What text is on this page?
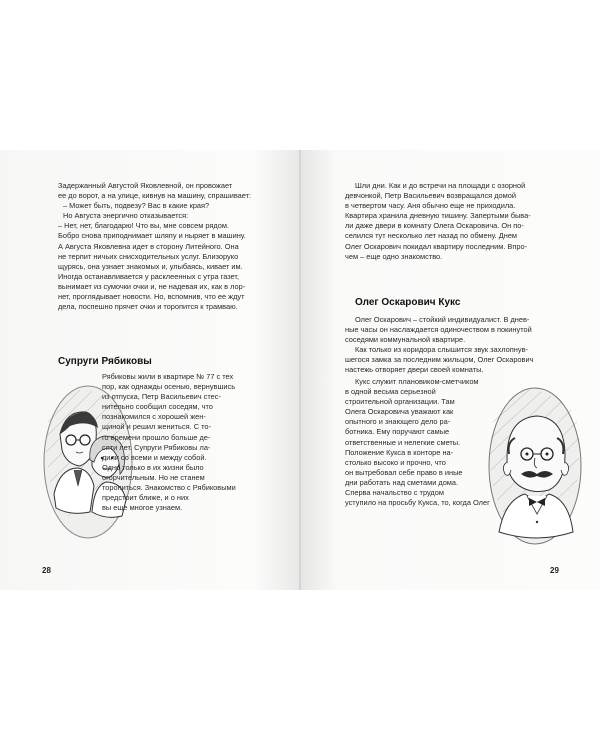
Задержанный Августой Яковлевной, он провожает
ее до ворот, а на улице, кивнув на машину, спрашивает:

– Может быть, подвезу? Вас в какие края?

Но Августа энергично отказывается:

– Нет, нет, благодарю! Что вы, мне совсем рядом.
Бобро снова приподнимает шляпу и ныряет в машину.
А Августа Яковлевна идет в сторону Литейного. Она
не терпит ничьих снисходительных услуг. Близоруко
щурясь, она узнает знакомых и, улыбаясь, кивает им.
Иногда останавливается у расклеенных с утра газет,
вынимает из сумочки очки и, не надевая их, как в лор-
нет, проглядывает новости. Но, вспомнив, что ее ждут
дела, поспешно прячет очки и торопится к трамваю.

Супруги Рябиковы

Рябиковы жили в квартире № 77 с тех
пор, как однажды осенью, вернувшись
из отпуска, Петр Васильевич стес-
нительно сообщил соседям, что
познакомился с хорошей жен-
щиной и решил жениться. С то-
го времени прошло больше де-
сяти лет. Супруги Рябиковы ла-
дили со всеми и между собой.
Одно только в их жизни было
огорчительным. Но не станем
торопиться. Знакомство с Рябиковыми
предстоит ближе, и о них
вы еще многое узнаем.

28

Шли дни. Как и до встречи на площади с озорной
девчонкой, Петр Васильевич возвращался домой
в четвертом часу. Аня обычно еще не приходила.
Квартира хранила дневную тишину. Запертыми быва-
ли даже двери в комнату Олега Оскаровича. Он по-
селился тут несколько лет назад по обмену. Днем
Олег Оскарович покидал квартиру последним. Впро-
чем – еще одно знакомство.

Олег Оскарович Кукс

Олег Оскарович – стойкий индивидуалист. В днев-
ные часы он наслаждается одиночеством в покинутой
соседями коммунальной квартире.

Как только из коридора слышится звук захлопнув-
шегося замка за последним жильцом, Олег Оскарович
настежь отворяет двери своей комнаты.

Кукс служит плановиком-сметчиком
в одной весьма серьезной
строительной организации. Там
Олега Оскаровича уважают как
опытного и знающего дело ра-
ботника. Ему поручают самые
ответственные и нелегкие сметы.
Положение Кукса в конторе на-
столько высоко и прочно, что
он вытребовал себе право в иные
дни работать над сметами дома.
Сперва начальство с трудом
уступило на просьбу Кукса, то, когда Олег

29
